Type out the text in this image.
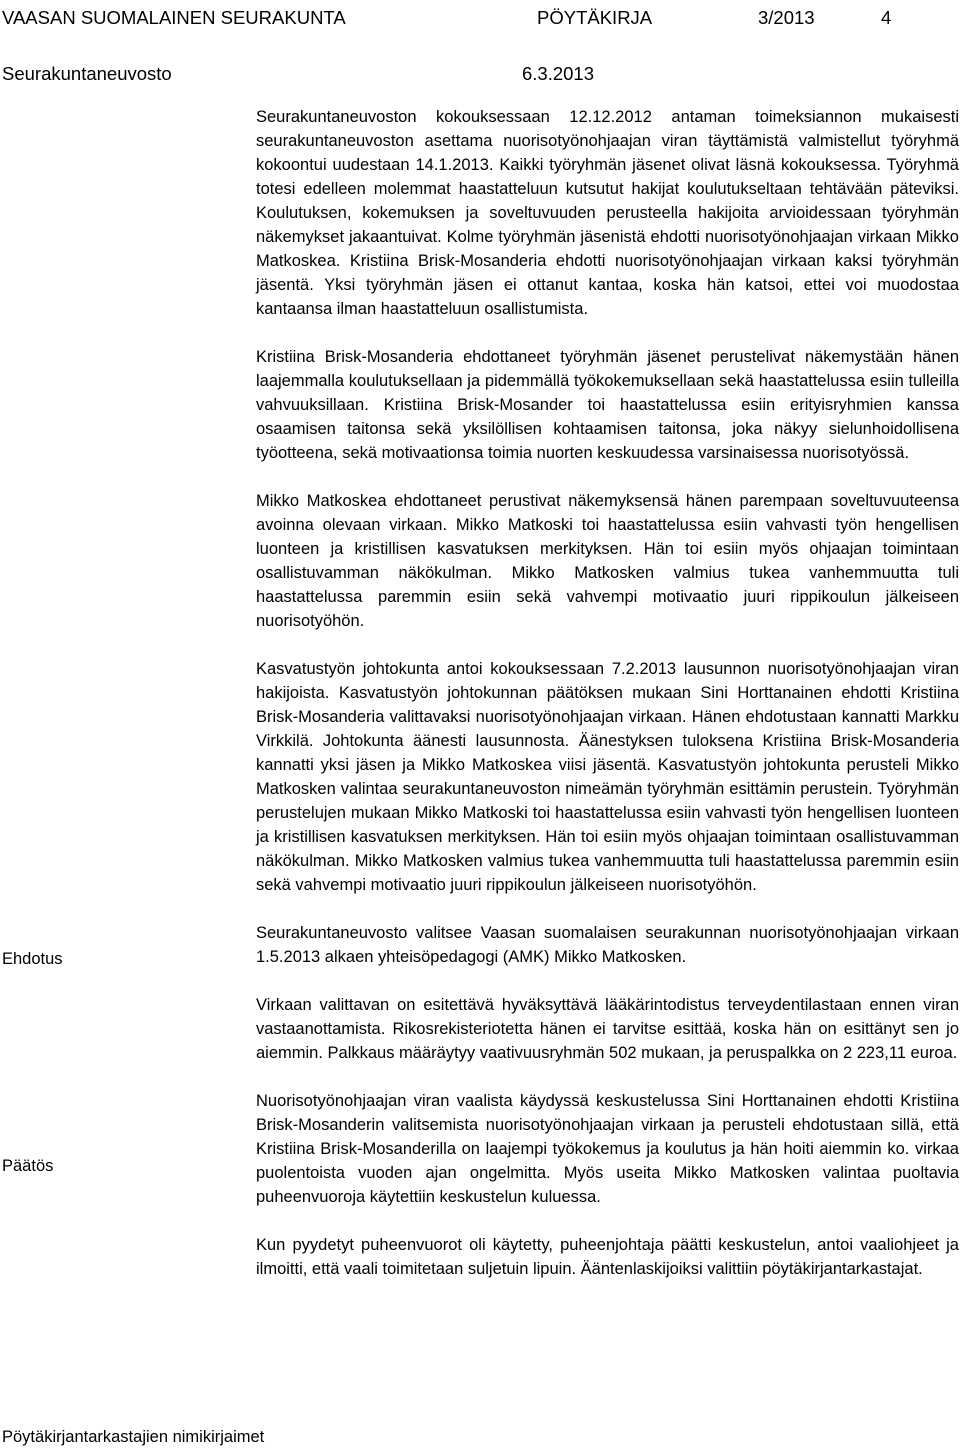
VAASAN SUOMALAINEN SEURAKUNTA	PÖYTÄKIRJA	3/2013	4
Seurakuntaneuvosto	6.3.2013
Ehdotus
Päätös

Seurakuntaneuvoston kokouksessaan 12.12.2012 antaman toimeksiannon mukaisesti seurakuntaneuvoston asettama nuorisotyönohjaajan viran täyttämistä valmistellut työryhmä kokoontui uudestaan 14.1.2013. Kaikki työryhmän jäsenet olivat läsnä kokouksessa. Työryhmä totesi edelleen molemmat haastatteluun kutsutut hakijat koulutukseltaan tehtävään päteviksi. Koulutuksen, kokemuksen ja soveltuvuuden perusteella hakijoita arvioidessaan työryhmän näkemykset jakaantuivat. Kolme työryhmän jäsenistä ehdotti nuorisotyönohjaajan virkaan Mikko Matkoskea. Kristiina Brisk-Mosanderia ehdotti nuorisotyönohjaajan virkaan kaksi työryhmän jäsentä. Yksi työryhmän jäsen ei ottanut kantaa, koska hän katsoi, ettei voi muodostaa kantaansa ilman haastatteluun osallistumista.

Kristiina Brisk-Mosanderia ehdottaneet työryhmän jäsenet perustelivat näkemystään hänen laajemmalla koulutuksellaan ja pidemmällä työkokemuksellaan sekä haastattelussa esiin tulleilla vahvuuksillaan. Kristiina Brisk-Mosander toi haastattelussa esiin erityisryhmien kanssa osaamisen taitonsa sekä yksilöllisen kohtaamisen taitonsa, joka näkyy sielunhoidollisena työotteena, sekä motivaationsa toimia nuorten keskuudessa varsinaisessa nuorisotyössä.

Mikko Matkoskea ehdottaneet perustivat näkemyksensä hänen parempaan soveltuvuuteensa avoinna olevaan virkaan. Mikko Matkoski toi haastattelussa esiin vahvasti työn hengellisen luonteen ja kristillisen kasvatuksen merkityksen. Hän toi esiin myös ohjaajan toimintaan osallistuvamman näkökulman. Mikko Matkosken valmius tukea vanhemmuutta tuli haastattelussa paremmin esiin sekä vahvempi motivaatio juuri rippikoulun jälkeiseen nuorisotyöhön.

Kasvatustyön johtokunta antoi kokouksessaan 7.2.2013 lausunnon nuorisotyönohjaajan viran hakijoista. Kasvatustyön johtokunnan päätöksen mukaan Sini Horttanainen ehdotti Kristiina Brisk-Mosanderia valittavaksi nuorisotyönohjaajan virkaan. Hänen ehdotustaan kannatti Markku Virkkilä. Johtokunta äänesti lausunnosta. Äänestyksen tuloksena Kristiina Brisk-Mosanderia kannatti yksi jäsen ja Mikko Matkoskea viisi jäsentä. Kasvatustyön johtokunta perusteli Mikko Matkosken valintaa seurakuntaneuvoston nimeämän työryhmän esittämin perustein. Työryhmän perustelujen mukaan Mikko Matkoski toi haastattelussa esiin vahvasti työn hengellisen luonteen ja kristillisen kasvatuksen merkityksen. Hän toi esiin myös ohjaajan toimintaan osallistuvamman näkökulman. Mikko Matkosken valmius tukea vanhemmuutta tuli haastattelussa paremmin esiin sekä vahvempi motivaatio juuri rippikoulun jälkeiseen nuorisotyöhön.

Seurakuntaneuvosto valitsee Vaasan suomalaisen seurakunnan nuorisotyönohjaajan virkaan 1.5.2013 alkaen yhteisöpedagogi (AMK) Mikko Matkosken.

Virkaan valittavan on esitettävä hyväksyttävä lääkärintodistus terveydentilastaan ennen viran vastaanottamista. Rikosrekisteriotetta hänen ei tarvitse esittää, koska hän on esittänyt sen jo aiemmin. Palkkaus määräytyy vaativuusryhmän 502 mukaan, ja peruspalkka on 2 223,11 euroa.

Nuorisotyönohjaajan viran vaalista käydyssä keskustelussa Sini Horttanainen ehdotti Kristiina Brisk-Mosanderin valitsemista nuorisotyönohjaajan virkaan ja perusteli ehdotustaan sillä, että Kristiina Brisk-Mosanderilla on laajempi työkokemus ja koulutus ja hän hoiti aiemmin ko. virkaa puolentoista vuoden ajan ongelmitta. Myös useita Mikko Matkosken valintaa puoltavia puheenvuoroja käytettiin keskustelun kuluessa.

Kun pyydetyt puheenvuorot oli käytetty, puheenjohtaja päätti keskustelun, antoi vaaliohjeet ja ilmoitti, että vaali toimitetaan suljetuin lipuin. Ääntenlaskijoiksi valittiin pöytäkirjantarkastajat.

Pöytäkirjantarkastajien nimikirjaimet
